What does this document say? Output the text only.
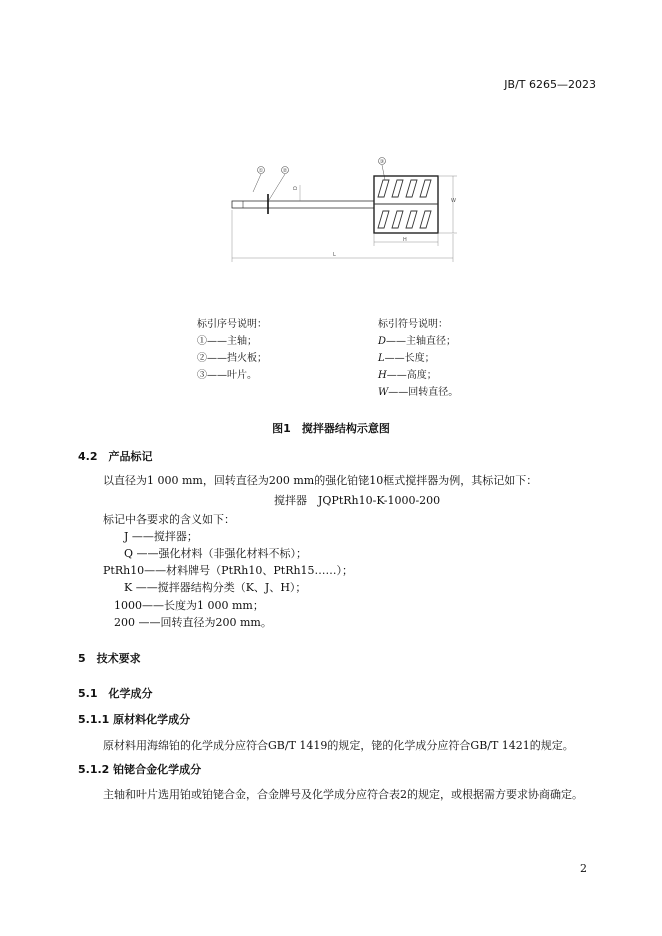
JB/T 6265—2023
①	②
③
D
H
W
L
标引序号说明：
①——主轴；
②——挡火板；
③——叶片。
标引符号说明：
D——主轴直径；
L——长度；
H——高度；
W——回转直径。
图1　搅拌器结构示意图
4.2　产品标记
以直径为1 000 mm，回转直径为200 mm的强化铂铑10框式搅拌器为例，其标记如下：
搅拌器　JQPtRh10-K-1000-200
标记中各要求的含义如下：
J ——搅拌器；
Q ——强化材料（非强化材料不标）；
PtRh10——材料牌号（PtRh10、PtRh15……）；
K ——搅拌器结构分类（K、J、H）；
1000——长度为1 000 mm；
200 ——回转直径为200 mm。
5　技术要求
5.1　化学成分
5.1.1 原材料化学成分
原材料用海绵铂的化学成分应符合GB/T 1419的规定，铑的化学成分应符合GB/T 1421的规定。
5.1.2 铂铑合金化学成分
主轴和叶片选用铂或铂铑合金，合金牌号及化学成分应符合表2的规定，或根据需方要求协商确定。
2
